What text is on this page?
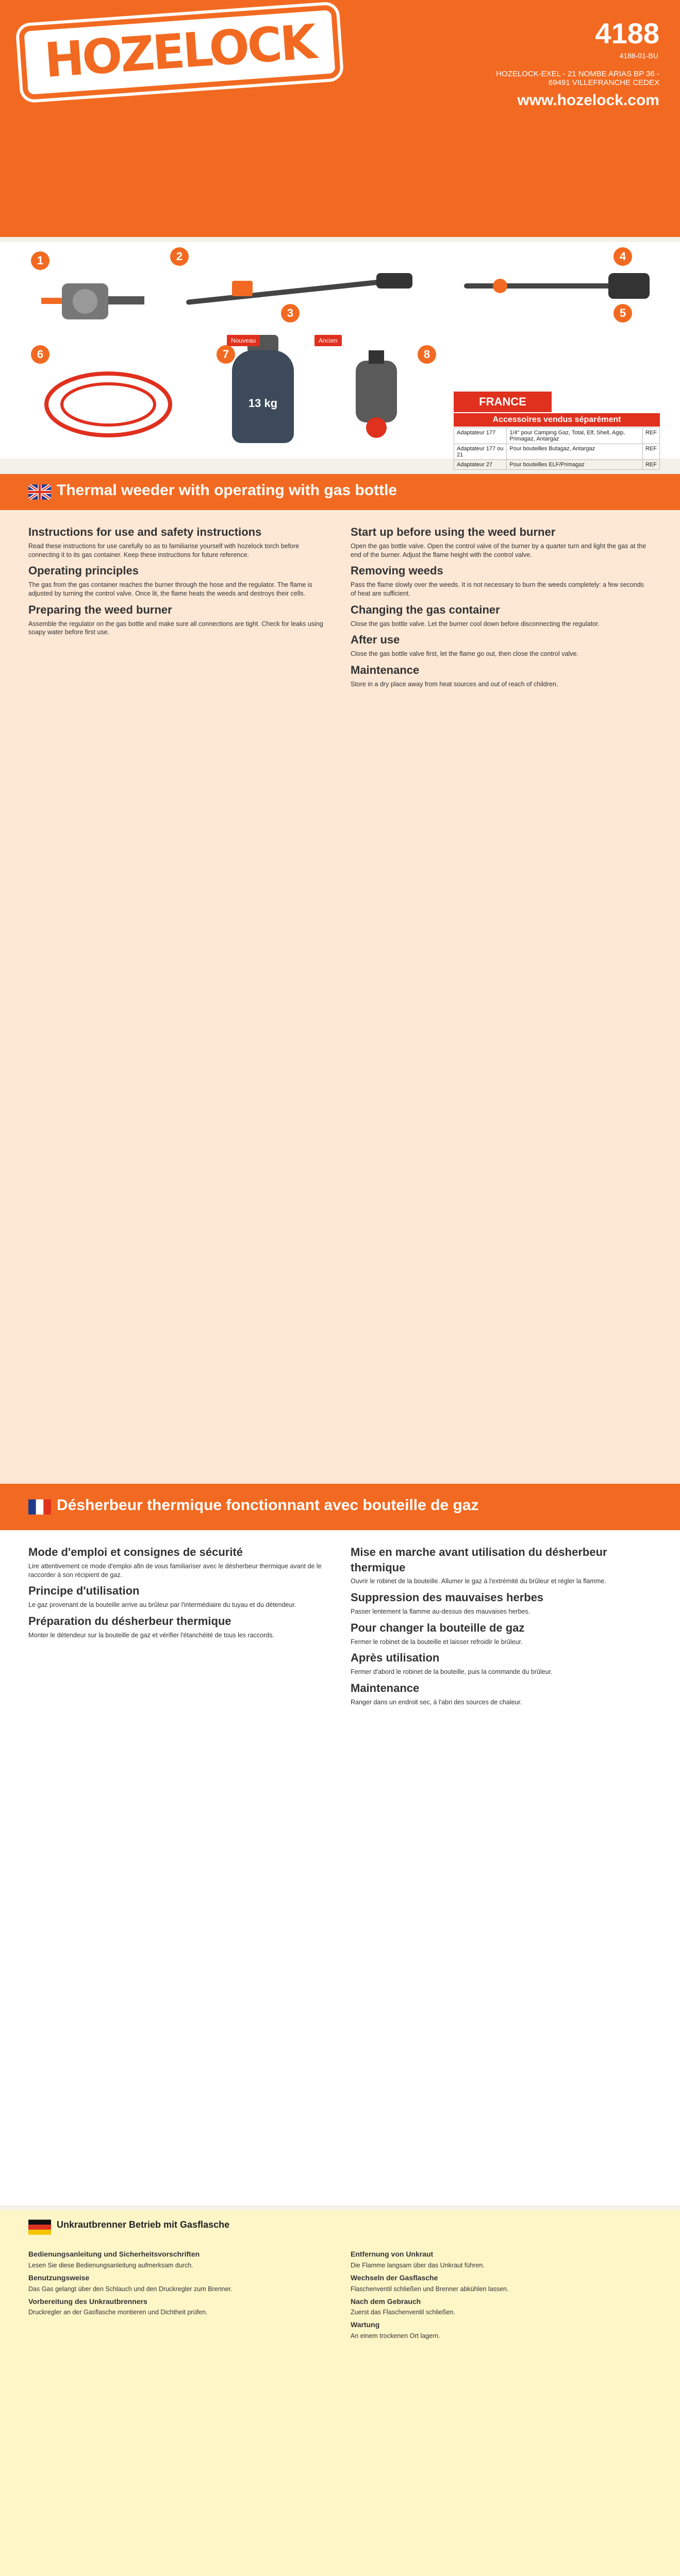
HOZELOCK	4188
4188-01-BU
HOZELOCK-EXEL - 21 NOMBE ARIAS BP 36 - 69491 VILLEFRANCHE CEDEX
www.hozelock.com
13 kg
Nouveau	Ancien
1	2
3
4
5
6	7	8
FRANCE
Accessoires vendus séparément
Adaptateur 177	1/4" pour Camping Gaz, Total, Elf, Shell, Agip, Primagaz, Antargaz	REF
Adaptateur 177 ou 21	Pour bouteilles Butagaz, Antargaz	REF
Adaptateur 27	Pour bouteilles ELF/Primagaz	REF
Thermal weeder with operating with gas bottle
Instructions for use and safety instructions

Read these instructions for use carefully so as to familiarise yourself with hozelock torch before connecting it to its gas container. Keep these instructions for future reference.

Operating principles

The gas from the gas container reaches the burner through the hose and the regulator. The flame is adjusted by turning the control valve. Once lit, the flame heats the weeds and destroys their cells.

Preparing the weed burner

Assemble the regulator on the gas bottle and make sure all connections are tight. Check for leaks using soapy water before first use.

Start up before using the weed burner

Open the gas bottle valve. Open the control valve of the burner by a quarter turn and light the gas at the end of the burner. Adjust the flame height with the control valve.

Removing weeds

Pass the flame slowly over the weeds. It is not necessary to burn the weeds completely: a few seconds of heat are sufficient.

Changing the gas container

Close the gas bottle valve. Let the burner cool down before disconnecting the regulator.

After use

Close the gas bottle valve first, let the flame go out, then close the control valve.

Maintenance

Store in a dry place away from heat sources and out of reach of children.

Désherbeur thermique fonctionnant avec bouteille de gaz
Mode d'emploi et consignes de sécurité

Lire attentivement ce mode d'emploi afin de vous familiariser avec le désherbeur thermique avant de le raccorder à son récipient de gaz.

Principe d'utilisation

Le gaz provenant de la bouteille arrive au brûleur par l'intermédiaire du tuyau et du détendeur.

Préparation du désherbeur thermique

Monter le détendeur sur la bouteille de gaz et vérifier l'étanchéité de tous les raccords.

Mise en marche avant utilisation du désherbeur thermique

Ouvrir le robinet de la bouteille. Allumer le gaz à l'extrémité du brûleur et régler la flamme.

Suppression des mauvaises herbes

Passer lentement la flamme au-dessus des mauvaises herbes.

Pour changer la bouteille de gaz

Fermer le robinet de la bouteille et laisser refroidir le brûleur.

Après utilisation

Fermer d'abord le robinet de la bouteille, puis la commande du brûleur.

Maintenance

Ranger dans un endroit sec, à l'abri des sources de chaleur.

Unkrautbrenner Betrieb mit Gasflasche
Bedienungsanleitung und Sicherheitsvorschriften

Lesen Sie diese Bedienungsanleitung aufmerksam durch.

Benutzungsweise

Das Gas gelangt über den Schlauch und den Druckregler zum Brenner.

Vorbereitung des Unkrautbrenners

Druckregler an der Gasflasche montieren und Dichtheit prüfen.

Entfernung von Unkraut

Die Flamme langsam über das Unkraut führen.

Wechseln der Gasflasche

Flaschenventil schließen und Brenner abkühlen lassen.

Nach dem Gebrauch

Zuerst das Flaschenventil schließen.

Wartung

An einem trockenen Ort lagern.
